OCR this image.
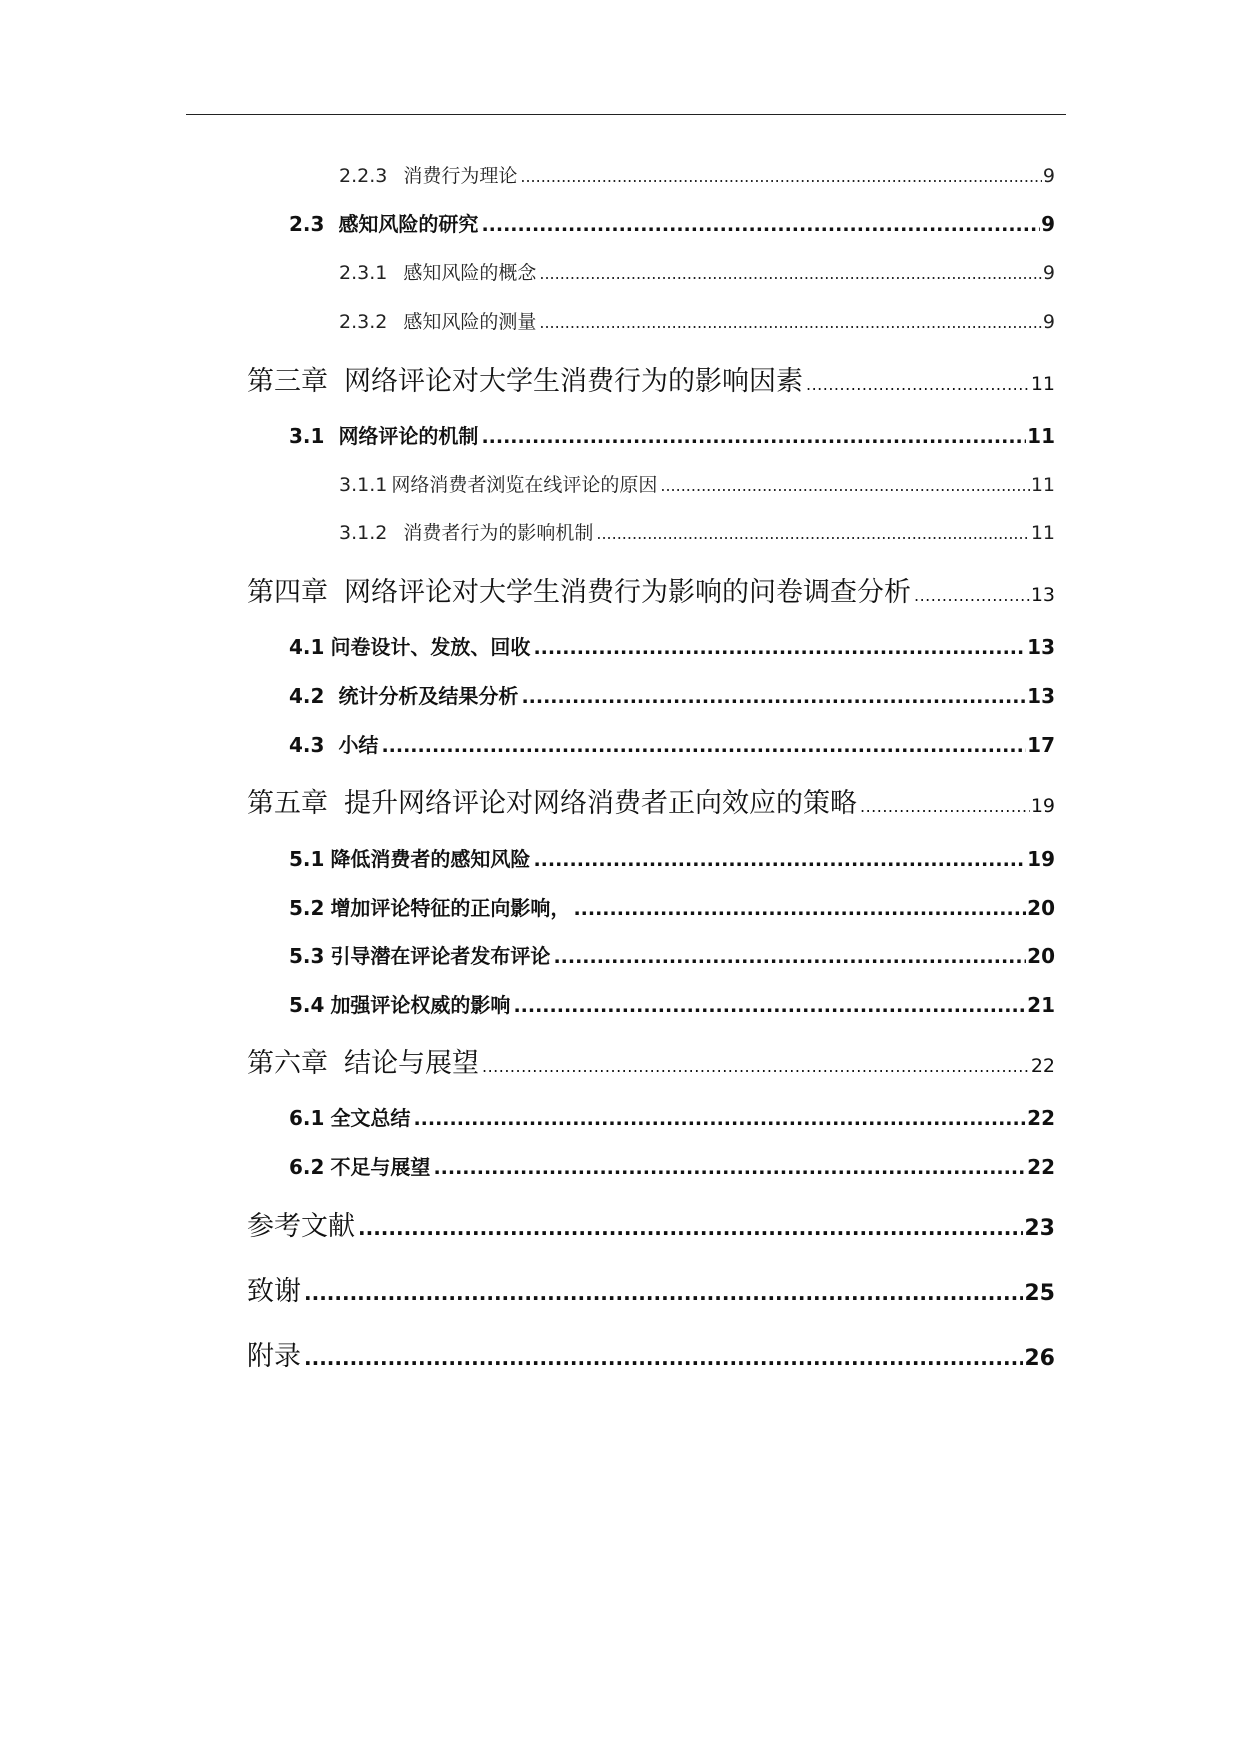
2.2.3 消费行为理论 .....	9
2.3 感知风险的研究 .....	9
2.3.1 感知风险的概念 .....	9
2.3.2 感知风险的测量 .....	9
第三章 网络评论对大学生消费行为的影响因素 .....	11
3.1 网络评论的机制 .....	11
3.1.1 网络消费者浏览在线评论的原因 .....	11
3.1.2 消费者行为的影响机制 .....	11
第四章 网络评论对大学生消费行为影响的问卷调查分析 .....	13
4.1 问卷设计、发放、回收 .....	13
4.2 统计分析及结果分析 .....	13
4.3 小结 .....	17
第五章 提升网络评论对网络消费者正向效应的策略 .....	19
5.1 降低消费者的感知风险 .....	19
5.2 增加评论特征的正向影响， .....	20
5.3 引导潜在评论者发布评论 .....	20
5.4 加强评论权威的影响 .....	21
第六章 结论与展望 .....	22
6.1 全文总结 .....	22
6.2 不足与展望 .....	22
参考文献 .....	23
致谢 .....	25
附录 .....	26
